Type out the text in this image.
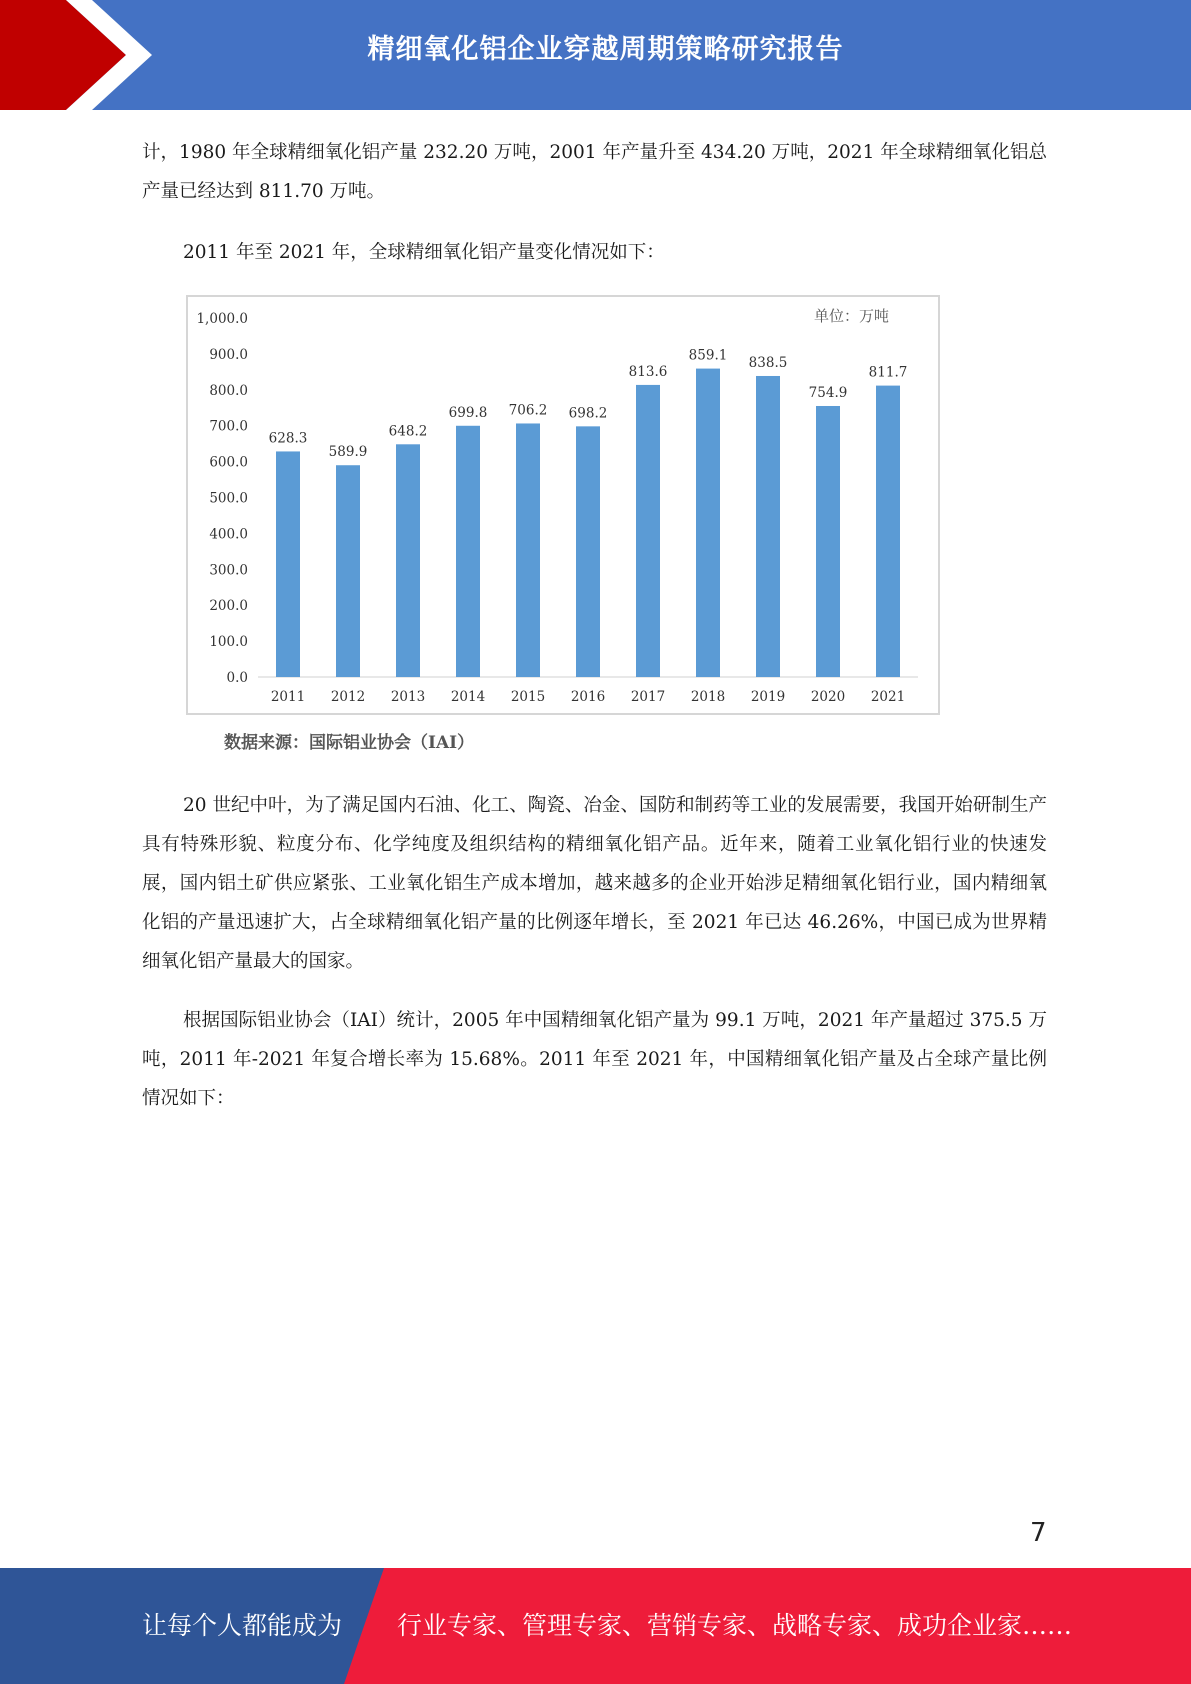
精细氧化铝企业穿越周期策略研究报告

计，1980 年全球精细氧化铝产量 232.20 万吨，2001 年产量升至 434.20 万吨，2021 年全球精细氧化铝总产量已经达到 811.70 万吨。

2011 年至 2021 年，全球精细氧化铝产量变化情况如下：

单位：万吨
0.0
100.0
200.0
300.0
400.0
500.0
600.0
700.0
800.0
900.0
1,000.0
628.3
589.9
648.2
699.8 706.2 698.2
813.6
859.1 838.5
754.9
811.7
2011 2012 2013 2014 2015 2016 2017 2018 2019 2020 2021
数据来源：国际铝业协会（IAI）

20 世纪中叶，为了满足国内石油、化工、陶瓷、冶金、国防和制药等工业的发展需要，我国开始研制生产具有特殊形貌、粒度分布、化学纯度及组织结构的精细氧化铝产品。近年来，随着工业氧化铝行业的快速发展，国内铝土矿供应紧张、工业氧化铝生产成本增加，越来越多的企业开始涉足精细氧化铝行业，国内精细氧化铝的产量迅速扩大，占全球精细氧化铝产量的比例逐年增长，至 2021 年已达 46.26%，中国已成为世界精细氧化铝产量最大的国家。

根据国际铝业协会（IAI）统计，2005 年中国精细氧化铝产量为 99.1 万吨，2021 年产量超过 375.5 万吨，2011 年-2021 年复合增长率为 15.68%。2011 年至 2021 年，中国精细氧化铝产量及占全球产量比例情况如下：

7
让每个人都能成为 行业专家、管理专家、营销专家、战略专家、成功企业家……
